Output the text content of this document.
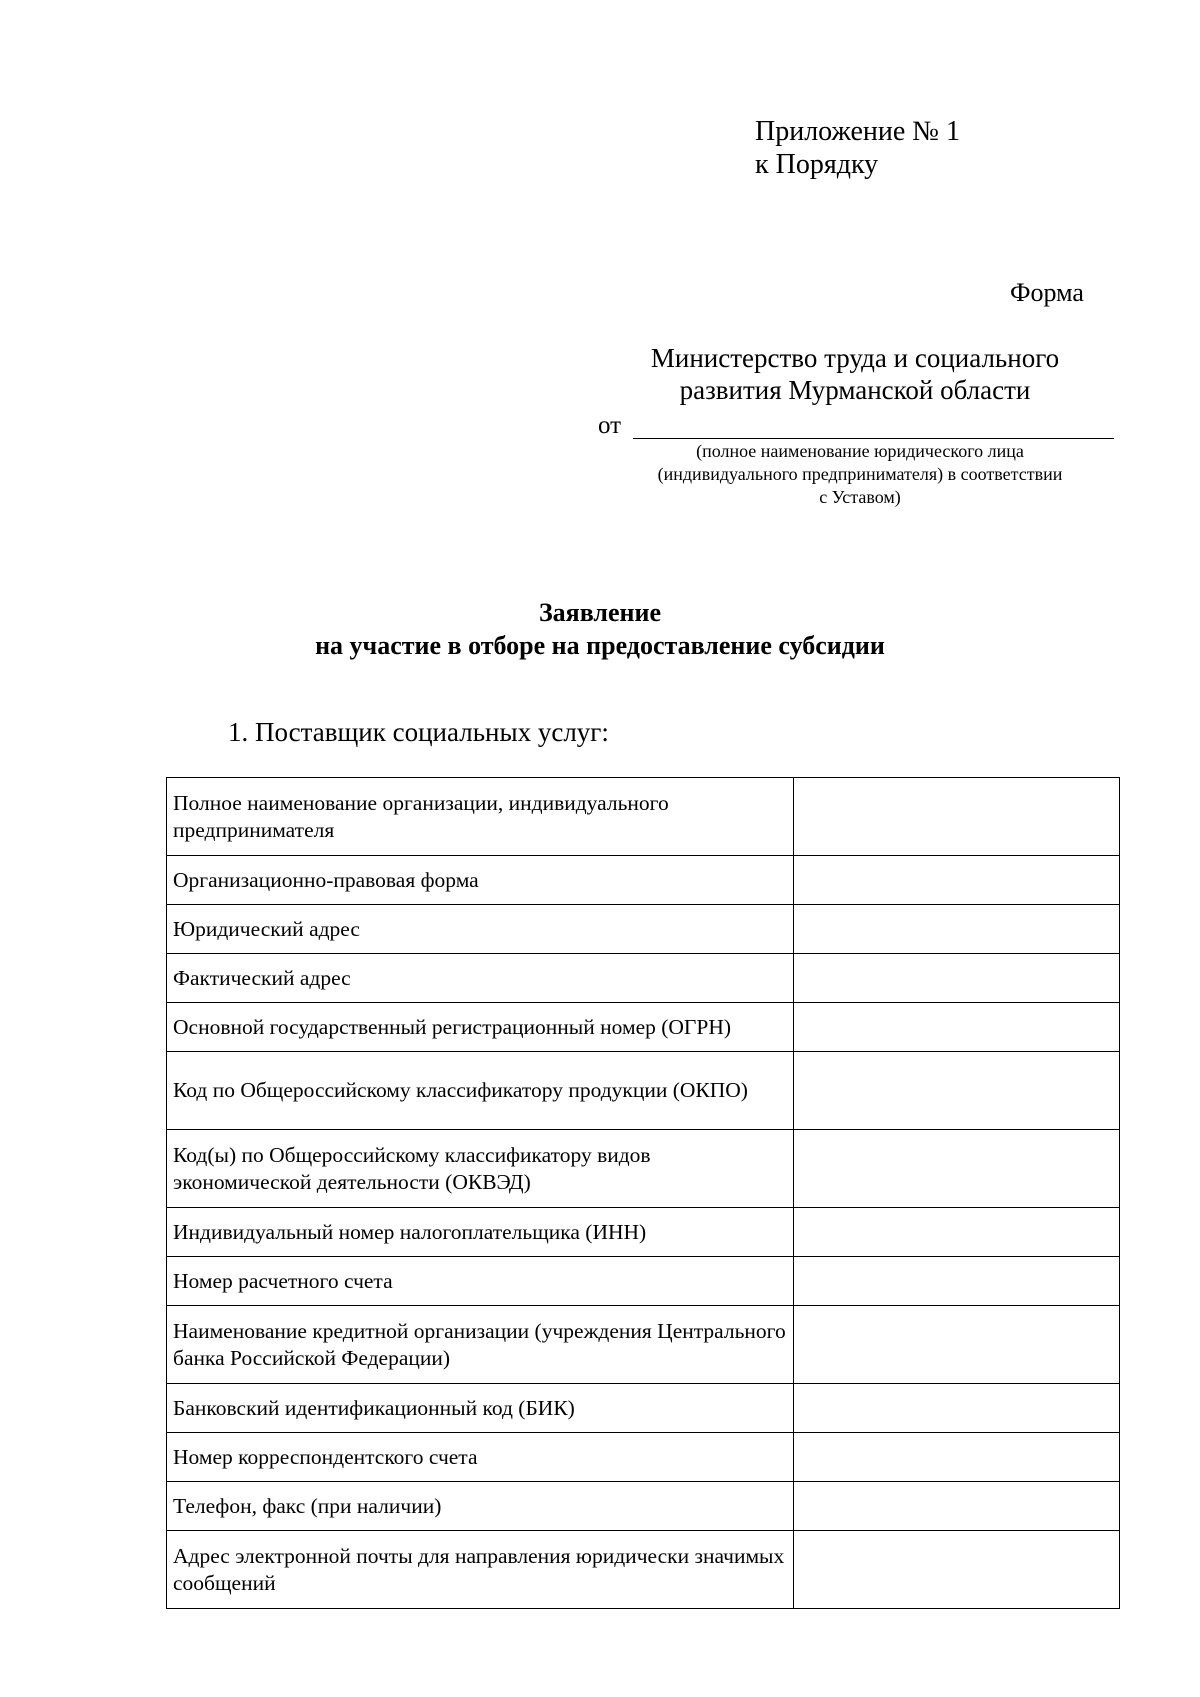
Приложение № 1
к Порядку
Форма
Министерство труда и социального
развития Мурманской области
от
(полное наименование юридического лица
(индивидуального предпринимателя) в соответствии
с Уставом)
Заявление
на участие в отборе на предоставление субсидии
1. Поставщик социальных услуг:
Полное наименование организации, индивидуального предпринимателя	
Организационно-правовая форма	
Юридический адрес	
Фактический адрес	
Основной государственный регистрационный номер (ОГРН)	
Код по Общероссийскому классификатору продукции (ОКПО)	
Код(ы) по Общероссийскому классификатору видов экономической деятельности (ОКВЭД)	
Индивидуальный номер налогоплательщика (ИНН)	
Номер расчетного счета	
Наименование кредитной организации (учреждения Центрального банка Российской Федерации)	
Банковский идентификационный код (БИК)	
Номер корреспондентского счета	
Телефон, факс (при наличии)	
Адрес электронной почты для направления юридически значимых сообщений	
